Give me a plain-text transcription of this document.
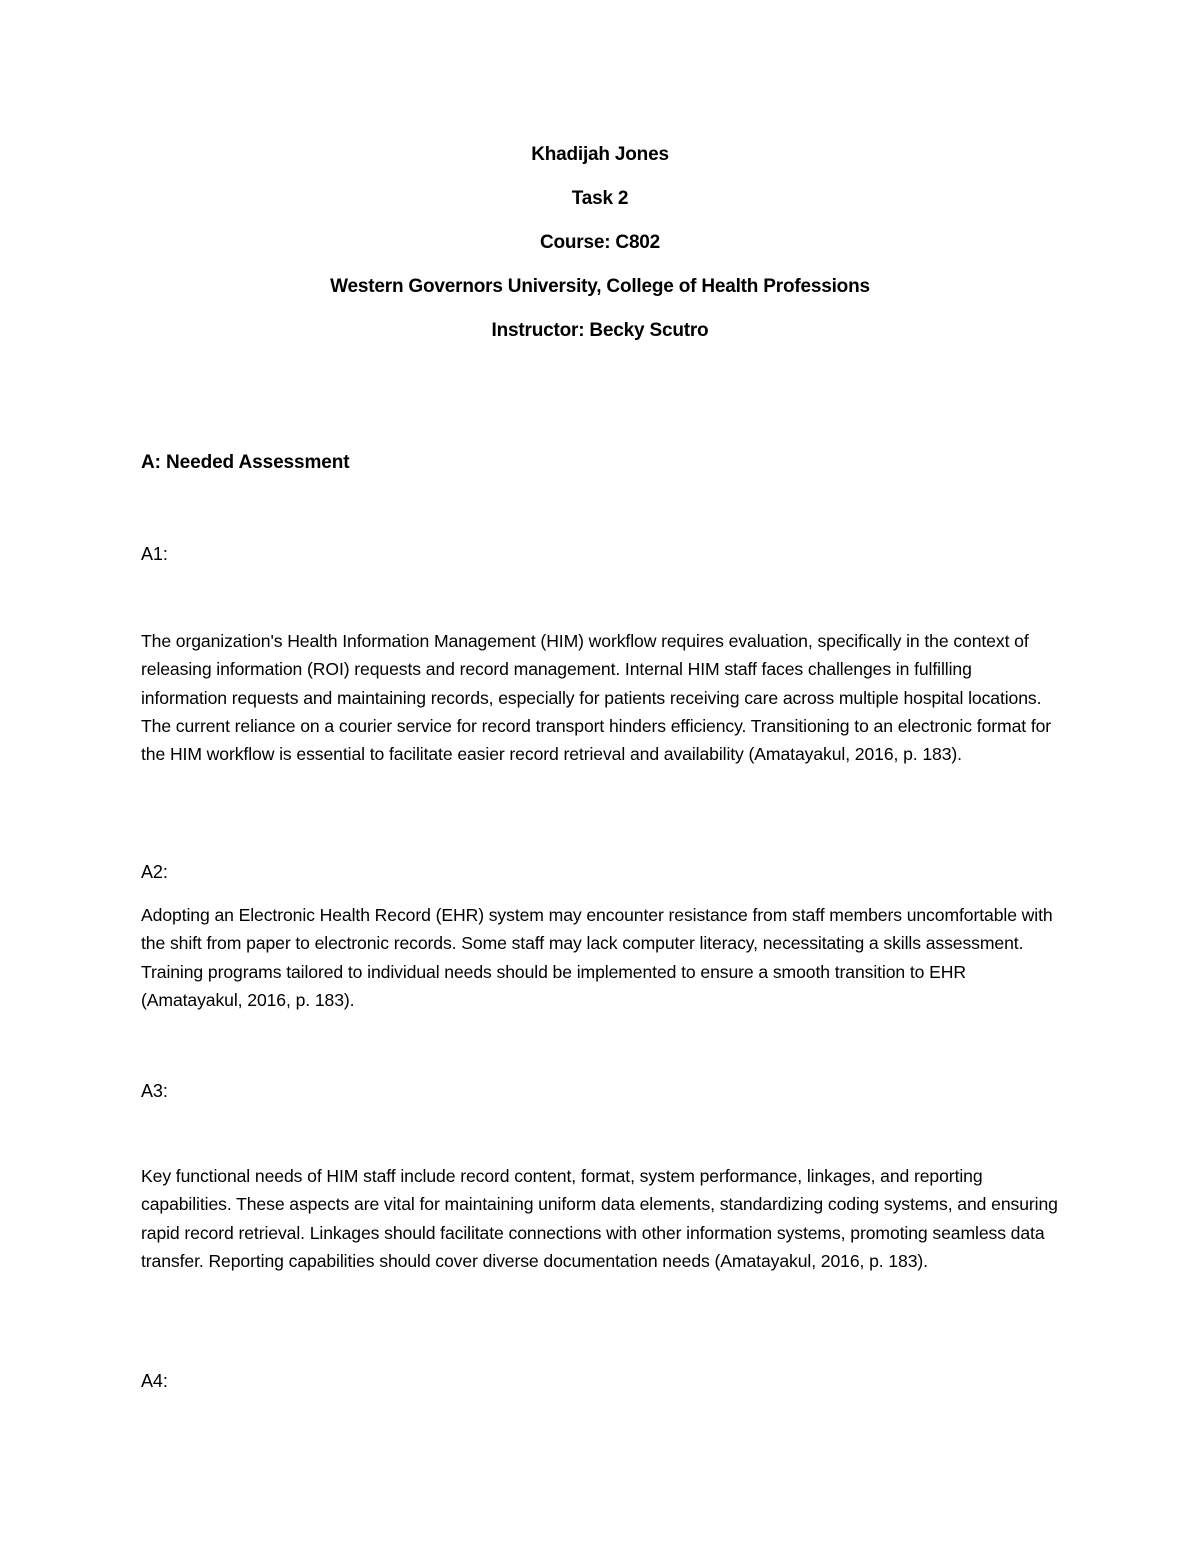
Khadijah Jones

Task 2

Course: C802

Western Governors University, College of Health Professions

Instructor: Becky Scutro

A: Needed Assessment

A1:

The organization's Health Information Management (HIM) workflow requires evaluation, specifically in the context of releasing information (ROI) requests and record management. Internal HIM staff faces challenges in fulfilling information requests and maintaining records, especially for patients receiving care across multiple hospital locations. The current reliance on a courier service for record transport hinders efficiency. Transitioning to an electronic format for the HIM workflow is essential to facilitate easier record retrieval and availability (Amatayakul, 2016, p. 183).

A2:

Adopting an Electronic Health Record (EHR) system may encounter resistance from staff members uncomfortable with the shift from paper to electronic records. Some staff may lack computer literacy, necessitating a skills assessment. Training programs tailored to individual needs should be implemented to ensure a smooth transition to EHR (Amatayakul, 2016, p. 183).

A3:

Key functional needs of HIM staff include record content, format, system performance, linkages, and reporting capabilities. These aspects are vital for maintaining uniform data elements, standardizing coding systems, and ensuring rapid record retrieval. Linkages should facilitate connections with other information systems, promoting seamless data transfer. Reporting capabilities should cover diverse documentation needs (Amatayakul, 2016, p. 183).

A4:
